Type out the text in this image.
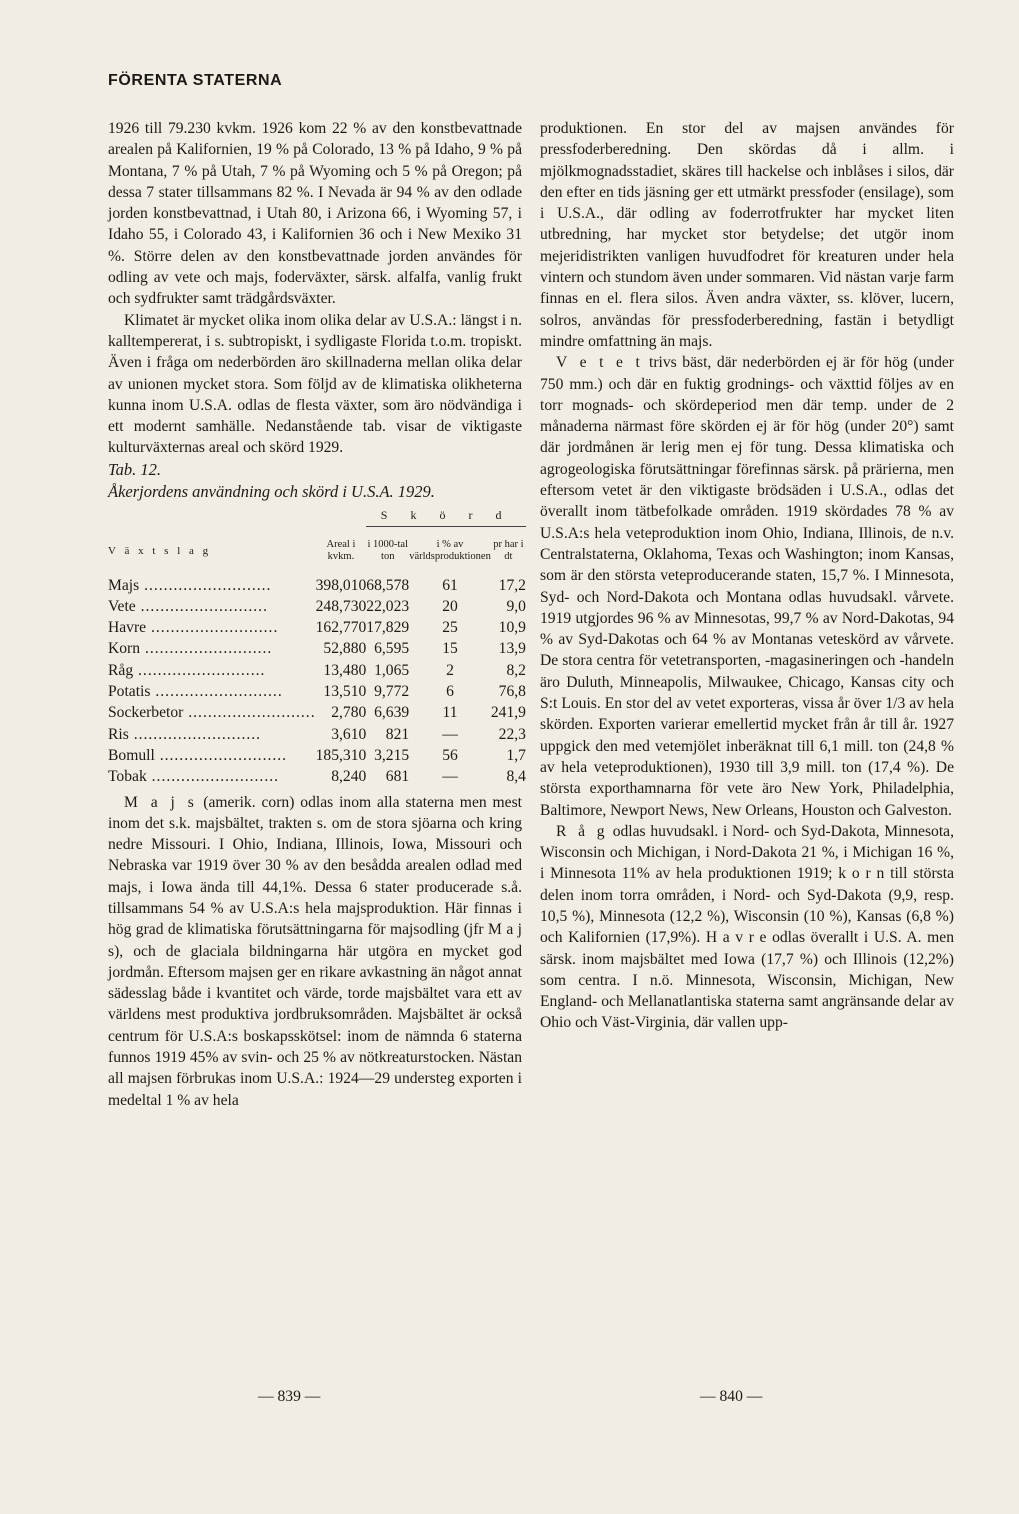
FÖRENTA STATERNA

1926 till 79.230 kvkm. 1926 kom 22 % av den konstbevattnade arealen på Kalifornien, 19 % på Colorado, 13 % på Idaho, 9 % på Montana, 7 % på Utah, 7 % på Wyoming och 5 % på Oregon; på dessa 7 stater tillsammans 82 %. I Nevada är 94 % av den odlade jorden konstbevattnad, i Utah 80, i Arizona 66, i Wyoming 57, i Idaho 55, i Colorado 43, i Kalifornien 36 och i New Mexiko 31 %. Större delen av den konstbevattnade jorden användes för odling av vete och majs, foderväxter, särsk. alfalfa, vanlig frukt och sydfrukter samt trädgårdsväxter.

Klimatet är mycket olika inom olika delar av U.S.A.: längst i n. kalltempererat, i s. subtropiskt, i sydligaste Florida t.o.m. tropiskt. Även i fråga om nederbörden äro skillnaderna mellan olika delar av unionen mycket stora. Som följd av de klimatiska olikheterna kunna inom U.S.A. odlas de flesta växter, som äro nödvändiga i ett modernt samhälle. Nedanstående tab. visar de viktigaste kulturväxternas areal och skörd 1929.

Tab. 12.

Åkerjordens användning och skörd i U.S.A. 1929.

		S k ö r d		
V ä x t s l a g	Areal i kvkm.	i 1000-tal ton	i % av världsproduktionen	pr har i dt
Majs ..........................	398,010	68,578	61	17,2
Vete ..........................	248,730	22,023	20	9,0
Havre ..........................	162,770	17,829	25	10,9
Korn ..........................	52,880	6,595	15	13,9
Råg ..........................	13,480	1,065	2	8,2
Potatis ..........................	13,510	9,772	6	76,8
Sockerbetor ..........................	2,780	6,639	11	241,9
Ris ..........................	3,610	821	—	22,3
Bomull ..........................	185,310	3,215	56	1,7
Tobak ..........................	8,240	681	—	8,4

M a j s (amerik. corn) odlas inom alla staterna men mest inom det s.k. majsbältet, trakten s. om de stora sjöarna och kring nedre Missouri. I Ohio, Indiana, Illinois, Iowa, Missouri och Nebraska var 1919 över 30 % av den besådda arealen odlad med majs, i Iowa ända till 44,1%. Dessa 6 stater producerade s.å. tillsammans 54 % av U.S.A:s hela majsproduktion. Här finnas i hög grad de klimatiska förutsättningarna för majsodling (jfr M a j s), och de glaciala bildningarna här utgöra en mycket god jordmån. Eftersom majsen ger en rikare avkastning än något annat sädesslag både i kvantitet och värde, torde majsbältet vara ett av världens mest produktiva jordbruksområden. Majsbältet är också centrum för U.S.A:s boskapsskötsel: inom de nämnda 6 staterna funnos 1919 45% av svin- och 25 % av nötkreaturstocken. Nästan all majsen förbrukas inom U.S.A.: 1924—29 understeg exporten i medeltal 1 % av hela

produktionen. En stor del av majsen användes för pressfoderberedning. Den skördas då i allm. i mjölkmognadsstadiet, skäres till hackelse och inblåses i silos, där den efter en tids jäsning ger ett utmärkt pressfoder (ensilage), som i U.S.A., där odling av foderrotfrukter har mycket liten utbredning, har mycket stor betydelse; det utgör inom mejeridistrikten vanligen huvudfodret för kreaturen under hela vintern och stundom även under sommaren. Vid nästan varje farm finnas en el. flera silos. Även andra växter, ss. klöver, lucern, solros, användas för pressfoderberedning, fastän i betydligt mindre omfattning än majs.

V e t e t trivs bäst, där nederbörden ej är för hög (under 750 mm.) och där en fuktig grodnings- och växttid följes av en torr mognads- och skördeperiod men där temp. under de 2 månaderna närmast före skörden ej är för hög (under 20°) samt där jordmånen är lerig men ej för tung. Dessa klimatiska och agrogeologiska förutsättningar förefinnas särsk. på prärierna, men eftersom vetet är den viktigaste brödsäden i U.S.A., odlas det överallt inom tätbefolkade områden. 1919 skördades 78 % av U.S.A:s hela veteproduktion inom Ohio, Indiana, Illinois, de n.v. Centralstaterna, Oklahoma, Texas och Washington; inom Kansas, som är den största veteproducerande staten, 15,7 %. I Minnesota, Syd- och Nord-Dakota och Montana odlas huvudsakl. vårvete. 1919 utgjordes 96 % av Minnesotas, 99,7 % av Nord-Dakotas, 94 % av Syd-Dakotas och 64 % av Montanas veteskörd av vårvete. De stora centra för vetetransporten, -magasineringen och -handeln äro Duluth, Minneapolis, Milwaukee, Chicago, Kansas city och S:t Louis. En stor del av vetet exporteras, vissa år över 1/3 av hela skörden. Exporten varierar emellertid mycket från år till år. 1927 uppgick den med vetemjölet inberäknat till 6,1 mill. ton (24,8 % av hela veteproduktionen), 1930 till 3,9 mill. ton (17,4 %). De största exporthamnarna för vete äro New York, Philadelphia, Baltimore, Newport News, New Orleans, Houston och Galveston.

R å g odlas huvudsakl. i Nord- och Syd-Dakota, Minnesota, Wisconsin och Michigan, i Nord-Dakota 21 %, i Michigan 16 %, i Minnesota 11% av hela produktionen 1919; k o r n till största delen inom torra områden, i Nord- och Syd-Dakota (9,9, resp. 10,5 %), Minnesota (12,2 %), Wisconsin (10 %), Kansas (6,8 %) och Kalifornien (17,9%). H a v r e odlas överallt i U.S. A. men särsk. inom majsbältet med Iowa (17,7 %) och Illinois (12,2%) som centra. I n.ö. Minnesota, Wisconsin, Michigan, New England- och Mellanatlantiska staterna samt angränsande delar av Ohio och Väst-Virginia, där vallen upp-

— 839 —	— 840 —
